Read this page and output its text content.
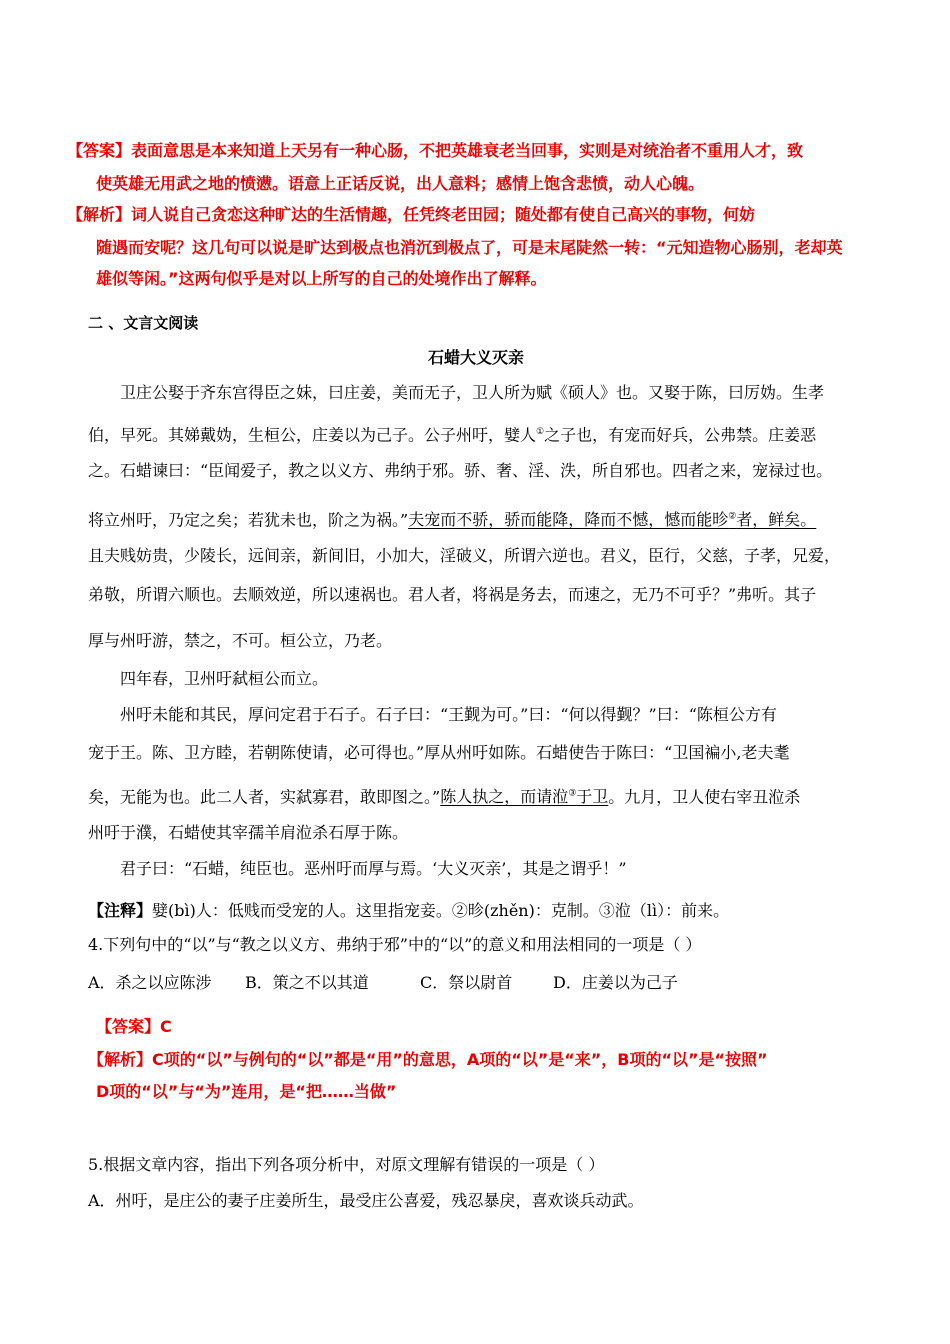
【答案】表面意思是本来知道上天另有一种心肠，不把英雄衰老当回事，实则是对统治者不重用人才，致
使英雄无用武之地的愤懑。语意上正话反说，出人意料；感情上饱含悲愤，动人心魄。
【解析】词人说自己贪恋这种旷达的生活情趣，任凭终老田园；随处都有使自己高兴的事物，何妨
随遇而安呢？这几句可以说是旷达到极点也消沉到极点了，可是末尾陡然一转：“元知造物心肠别，老却英
雄似等闲。”这两句似乎是对以上所写的自己的处境作出了解释。
二 、文言文阅读
石蜡大义灭亲
卫庄公娶于齐东宫得臣之妹，曰庄姜，美而无子，卫人所为赋《硕人》也。又娶于陈，曰厉妫。生孝
伯，早死。其娣戴妫，生桓公，庄姜以为己子。公子州吁，嬖人①之子也，有宠而好兵，公弗禁。庄姜恶
之。石蜡谏曰：“臣闻爱子，教之以义方、弗纳于邪。骄、奢、淫、泆，所自邪也。四者之来，宠禄过也。
将立州吁，乃定之矣；若犹未也，阶之为祸。”夫宠而不骄，骄而能降，降而不憾，憾而能昣②者，鲜矣。
且夫贱妨贵，少陵长，远间亲，新间旧，小加大，淫破义，所谓六逆也。君义，臣行，父慈，子孝，兄爱，
弟敬，所谓六顺也。去顺效逆，所以速祸也。君人者，将祸是务去，而速之，无乃不可乎？”弗听。其子
厚与州吁游，禁之，不可。桓公立，乃老。
四年春，卫州吁弑桓公而立。
州吁未能和其民，厚问定君于石子。石子曰：“王觐为可。”曰：“何以得觐？”曰：“陈桓公方有
宠于王。陈、卫方睦，若朝陈使请，必可得也。”厚从州吁如陈。石蜡使告于陈曰：“卫国褊小,老夫耄
矣，无能为也。此二人者，实弑寡君，敢即图之。”陈人执之，而请涖③于卫。九月，卫人使右宰丑涖杀
州吁于濮，石蜡使其宰孺羊肩涖杀石厚于陈。
君子曰：“石蜡，纯臣也。恶州吁而厚与焉。‘大义灭亲’，其是之谓乎！”
【注释】嬖(bì)人：低贱而受宠的人。这里指宠妾。②昣(zhěn)：克制。③涖（lì）：前来。
4.下列句中的“以”与“教之以义方、弗纳于邪”中的“以”的意义和用法相同的一项是（ ）
A．杀之以应陈涉 B．策之不以其道	C．祭以尉首	D．庄姜以为己子
【答案】C
【解析】C项的“以”与例句的“以”都是“用”的意思，A项的“以”是“来”，B项的“以”是“按照”
D项的“以”与“为”连用，是“把……当做”
5.根据文章内容，指出下列各项分析中，对原文理解有错误的一项是（ ）
A．州吁，是庄公的妻子庄姜所生，最受庄公喜爱，残忍暴戾，喜欢谈兵动武。
